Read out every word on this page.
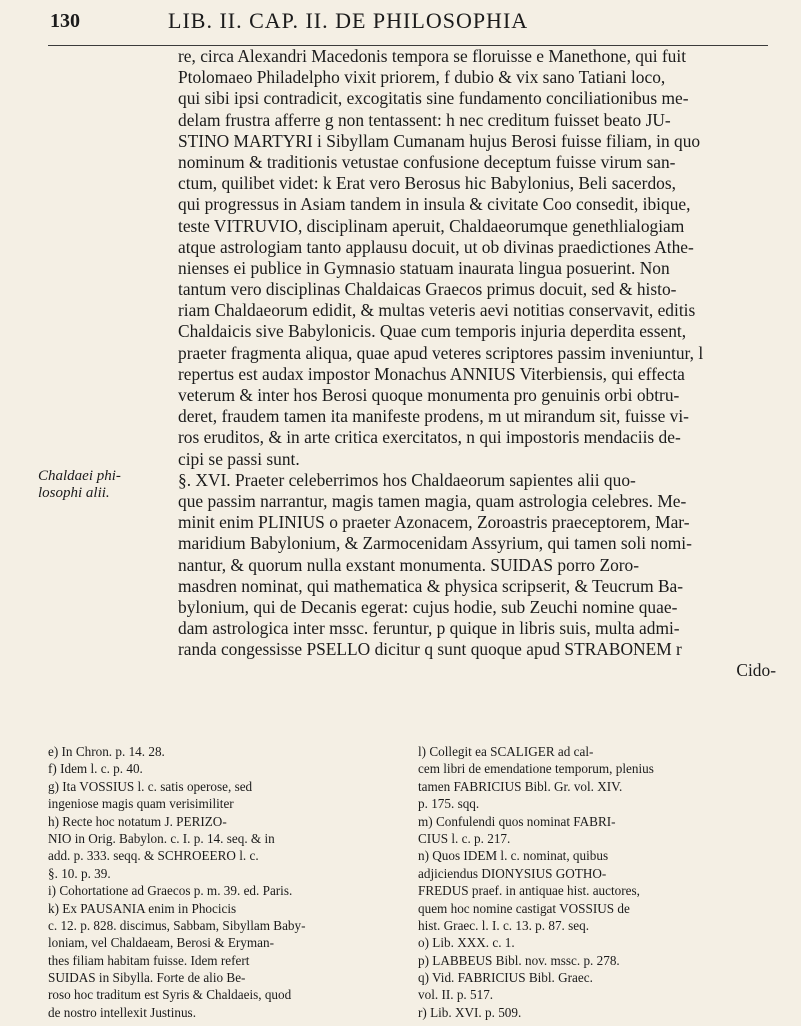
130	LIB. II. CAP. II. DE PHILOSOPHIA
re, circa Alexandri Macedonis tempora se floruisse e Manethone, qui fuit
Ptolomaeo Philadelpho vixit priorem, f dubio & vix sano Tatiani loco,
qui sibi ipsi contradicit, excogitatis sine fundamento conciliationibus me-
delam frustra afferre g non tentassent: h nec creditum fuisset beato JU-
STINO MARTYRI i Sibyllam Cumanam hujus Berosi fuisse filiam, in quo
nominum & traditionis vetustae confusione deceptum fuisse virum san-
ctum, quilibet videt: k Erat vero Berosus hic Babylonius, Beli sacerdos,
qui progressus in Asiam tandem in insula & civitate Coo consedit, ibique,
teste VITRUVIO, disciplinam aperuit, Chaldaeorumque genethlialogiam
atque astrologiam tanto applausu docuit, ut ob divinas praedictiones Athe-
nienses ei publice in Gymnasio statuam inaurata lingua posuerint. Non
tantum vero disciplinas Chaldaicas Graecos primus docuit, sed & histo-
riam Chaldaeorum edidit, & multas veteris aevi notitias conservavit, editis
Chaldaicis sive Babylonicis. Quae cum temporis injuria deperdita essent,
praeter fragmenta aliqua, quae apud veteres scriptores passim inveniuntur, l
repertus est audax impostor Monachus ANNIUS Viterbiensis, qui effecta
veterum & inter hos Berosi quoque monumenta pro genuinis orbi obtru-
deret, fraudem tamen ita manifeste prodens, m ut mirandum sit, fuisse vi-
ros eruditos, & in arte critica exercitatos, n qui impostoris mendaciis de-
cipi se passi sunt.
§. XVI. Praeter celeberrimos hos Chaldaeorum sapientes alii quo-
que passim narrantur, magis tamen magia, quam astrologia celebres. Me-
minit enim PLINIUS o praeter Azonacem, Zoroastris praeceptorem, Mar-
maridium Babylonium, & Zarmocenidam Assyrium, qui tamen soli nomi-
nantur, & quorum nulla exstant monumenta. SUIDAS porro Zoro-
masdren nominat, qui mathematica & physica scripserit, & Teucrum Ba-
bylonium, qui de Decanis egerat: cujus hodie, sub Zeuchi nomine quae-
dam astrologica inter mssc. feruntur, p quique in libris suis, multa admi-
randa congessisse PSELLO dicitur q sunt quoque apud STRABONEM r
Cido-
Chaldaei phi-
losophi alii.
e) In Chron. p. 14. 28.
f) Idem l. c. p. 40.
g) Ita VOSSIUS l. c. satis operose, sed
ingeniose magis quam verisimiliter
h) Recte hoc notatum J. PERIZO-
NIO in Orig. Babylon. c. I. p. 14. seq. & in
add. p. 333. seqq. & SCHROEERO l. c.
§. 10. p. 39.
i) Cohortatione ad Graecos p. m. 39. ed. Paris.
k) Ex PAUSANIA enim in Phocicis
c. 12. p. 828. discimus, Sabbam, Sibyllam Baby-
loniam, vel Chaldaeam, Berosi & Eryman-
thes filiam habitam fuisse. Idem refert
SUIDAS in Sibylla. Forte de alio Be-
roso hoc traditum est Syris & Chaldaeis, quod
de nostro intellexit Justinus.
l) Collegit ea SCALIGER ad cal-
cem libri de emendatione temporum, plenius
tamen FABRICIUS Bibl. Gr. vol. XIV.
p. 175. sqq.
m) Confulendi quos nominat FABRI-
CIUS l. c. p. 217.
n) Quos IDEM l. c. nominat, quibus
adjiciendus DIONYSIUS GOTHO-
FREDUS praef. in antiquae hist. auctores,
quem hoc nomine castigat VOSSIUS de
hist. Graec. l. I. c. 13. p. 87. seq.
o) Lib. XXX. c. 1.
p) LABBEUS Bibl. nov. mssc. p. 278.
q) Vid. FABRICIUS Bibl. Graec.
vol. II. p. 517.
r) Lib. XVI. p. 509.
